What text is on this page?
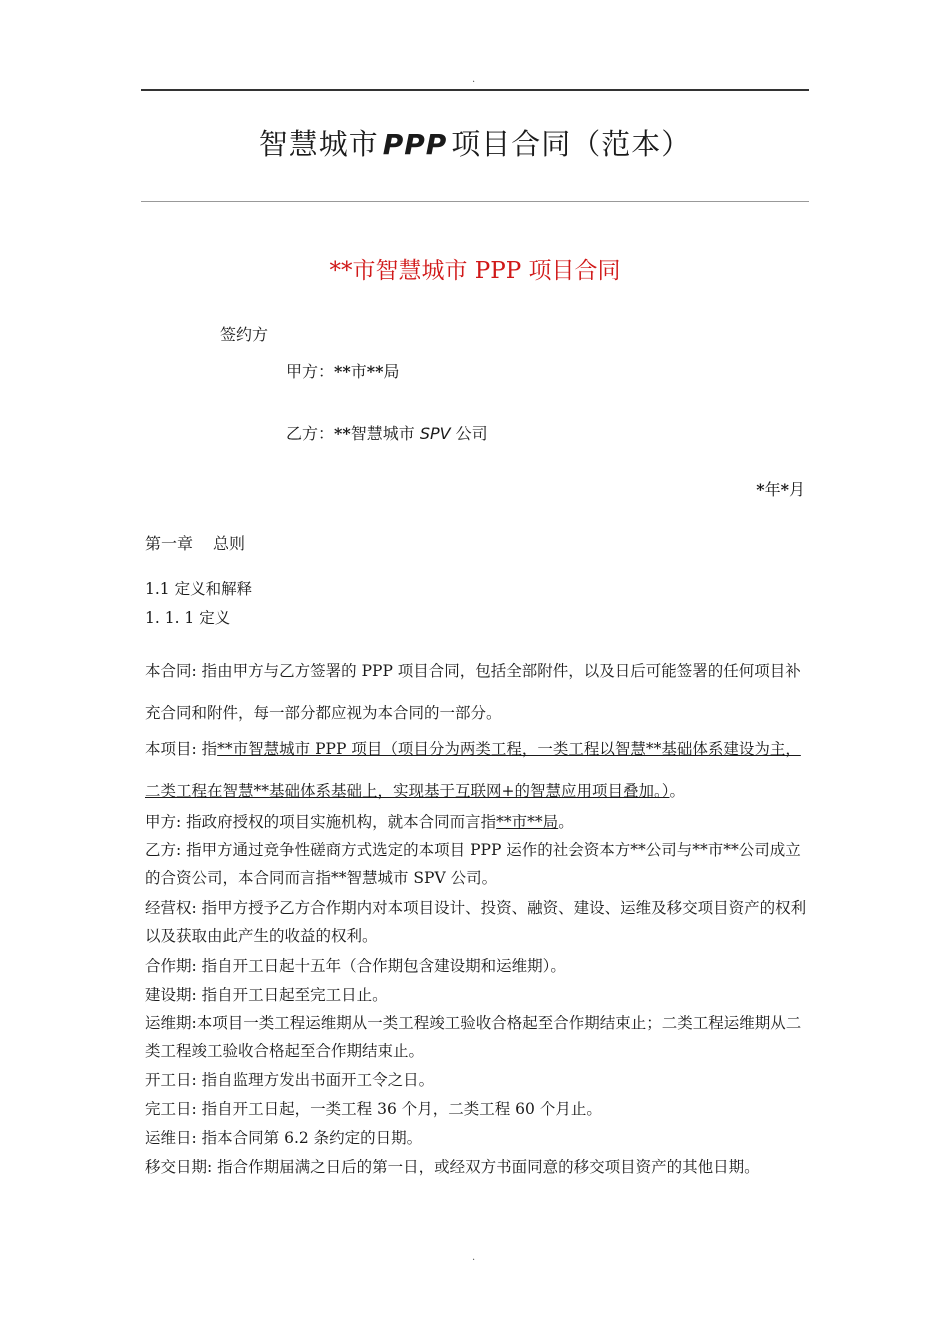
.
智慧城市 PPP 项目合同（范本）
**市智慧城市 PPP 项目合同
签约方
甲方：**市**局
乙方：**智慧城市 SPV 公司
*年*月
第一章 总则
1.1 定义和解释
1. 1. 1 定义
本合同: 指由甲方与乙方签署的 PPP 项目合同，包括全部附件，以及日后可能签署的任何项目补充合同和附件，每一部分都应视为本合同的一部分。
本项目: 指**市智慧城市 PPP 项目（项目分为两类工程，一类工程以智慧**基础体系建设为主，二类工程在智慧**基础体系基础上，实现基于互联网+的智慧应用项目叠加。）。
甲方: 指政府授权的项目实施机构，就本合同而言指**市**局。
乙方: 指甲方通过竞争性磋商方式选定的本项目 PPP 运作的社会资本方**公司与**市**公司成立的合资公司，本合同而言指**智慧城市 SPV 公司。
经营权: 指甲方授予乙方合作期内对本项目设计、投资、融资、建设、运维及移交项目资产的权利以及获取由此产生的收益的权利。
合作期: 指自开工日起十五年（合作期包含建设期和运维期）。
建设期: 指自开工日起至完工日止。
运维期:本项目一类工程运维期从一类工程竣工验收合格起至合作期结束止；二类工程运维期从二类工程竣工验收合格起至合作期结束止。
开工日: 指自监理方发出书面开工令之日。
完工日: 指自开工日起，一类工程 36 个月，二类工程 60 个月止。
运维日: 指本合同第 6.2 条约定的日期。
移交日期: 指合作期届满之日后的第一日，或经双方书面同意的移交项目资产的其他日期。
.
